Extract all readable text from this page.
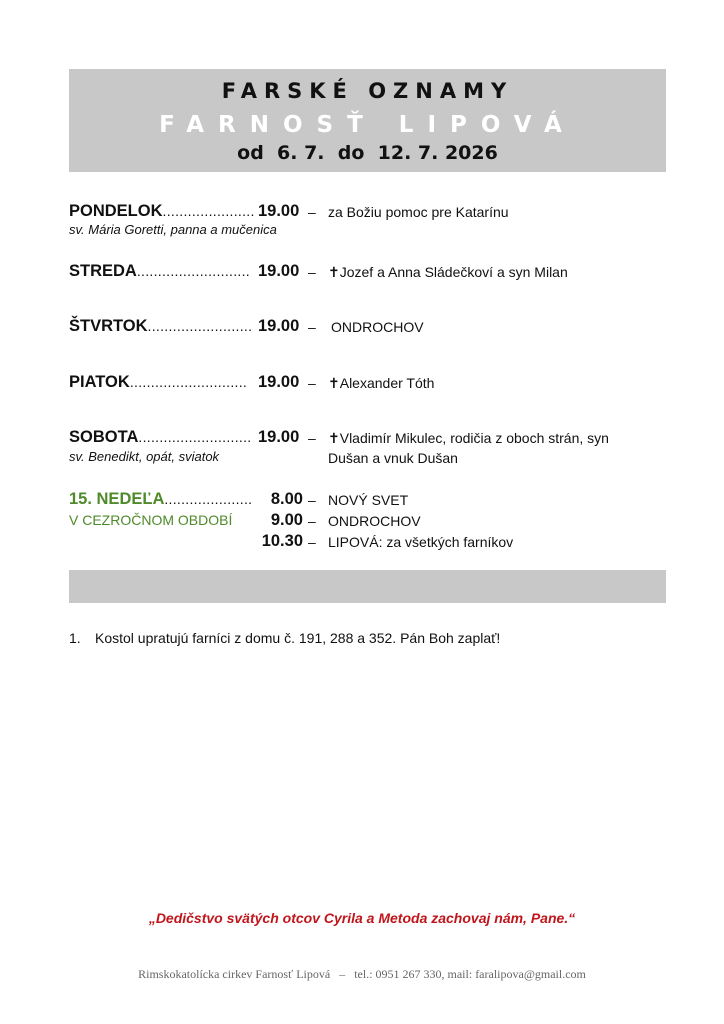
FARSKÉ OZNAMY
FARNOSŤ LIPOVÁ
od  6. 7.  do  12. 7. 2026
PONDELOK...................... 19.00 – za Božiu pomoc pre Katarínu
sv. Mária Goretti, panna a mučenica
STREDA........................... 19.00 – ✝Jozef a Anna Sládečkoví a syn Milan
ŠTVRTOK......................... 19.00 – ONDROCHOV
PIATOK............................ 19.00 – ✝Alexander Tóth
SOBOTA........................... 19.00 – ✝Vladimír Mikulec, rodičia z oboch strán, syn
Dušan a vnuk Dušan
sv. Benedikt, opát, sviatok
15. NEDEĽA.....................
V CEZROČNOM OBDOBÍ
8.00 – NOVÝ SVET
9.00 – ONDROCHOV
10.30 – LIPOVÁ: za všetkých farníkov
1. Kostol upratujú farníci z domu č. 191, 288 a 352. Pán Boh zaplať!
„Dedičstvo svätých otcov Cyrila a Metoda zachovaj nám, Pane.“
Rimskokatolícka cirkev Farnosť Lipová   –   tel.: 0951 267 330, mail: faralipova@gmail.com
